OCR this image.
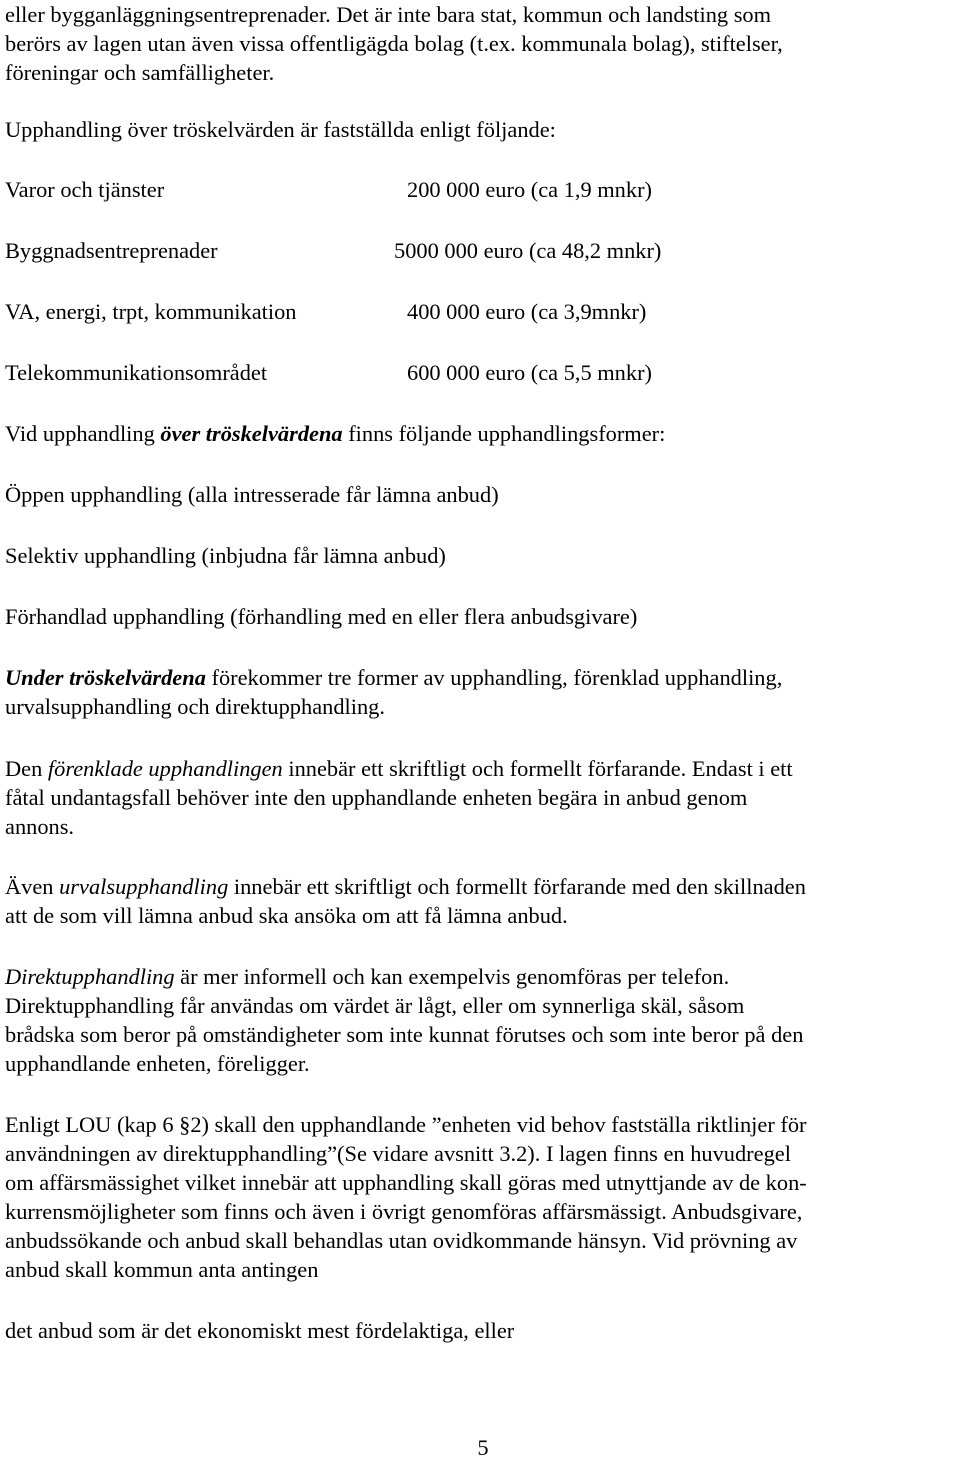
eller bygganläggningsentreprenader. Det är inte bara stat, kommun och landsting som

berörs av lagen utan även vissa offentligägda bolag (t.ex. kommunala bolag), stiftelser,

föreningar och samfälligheter.

Upphandling över tröskelvärden är fastställda enligt följande:

Varor och tjänster	200 000 euro (ca 1,9 mnkr)
Byggnadsentreprenader	5000 000 euro (ca 48,2 mnkr)
VA, energi, trpt, kommunikation	400 000 euro (ca 3,9mnkr)
Telekommunikationsområdet	600 000 euro (ca 5,5 mnkr)

Vid upphandling över tröskelvärdena finns följande upphandlingsformer:

Öppen upphandling (alla intresserade får lämna anbud)

Selektiv upphandling (inbjudna får lämna anbud)

Förhandlad upphandling (förhandling med en eller flera anbudsgivare)

Under tröskelvärdena förekommer tre former av upphandling, förenklad upphandling,

urvalsupphandling och direktupphandling.

Den förenklade upphandlingen innebär ett skriftligt och formellt förfarande. Endast i ett

fåtal undantagsfall behöver inte den upphandlande enheten begära in anbud genom

annons.

Även urvalsupphandling innebär ett skriftligt och formellt förfarande med den skillnaden

att de som vill lämna anbud ska ansöka om att få lämna anbud.

Direktupphandling är mer informell och kan exempelvis genomföras per telefon.

Direktupphandling får användas om värdet är lågt, eller om synnerliga skäl, såsom

brådska som beror på omständigheter som inte kunnat förutses och som inte beror på den

upphandlande enheten, föreligger.

Enligt LOU (kap 6 §2) skall den upphandlande ”enheten vid behov fastställa riktlinjer för

användningen av direktupphandling”(Se vidare avsnitt 3.2). I lagen finns en huvudregel

om affärsmässighet vilket innebär att upphandling skall göras med utnyttjande av de kon-

kurrensmöjligheter som finns och även i övrigt genomföras affärsmässigt. Anbudsgivare,

anbudssökande och anbud skall behandlas utan ovidkommande hänsyn. Vid prövning av

anbud skall kommun anta antingen

det anbud som är det ekonomiskt mest fördelaktiga, eller

5
